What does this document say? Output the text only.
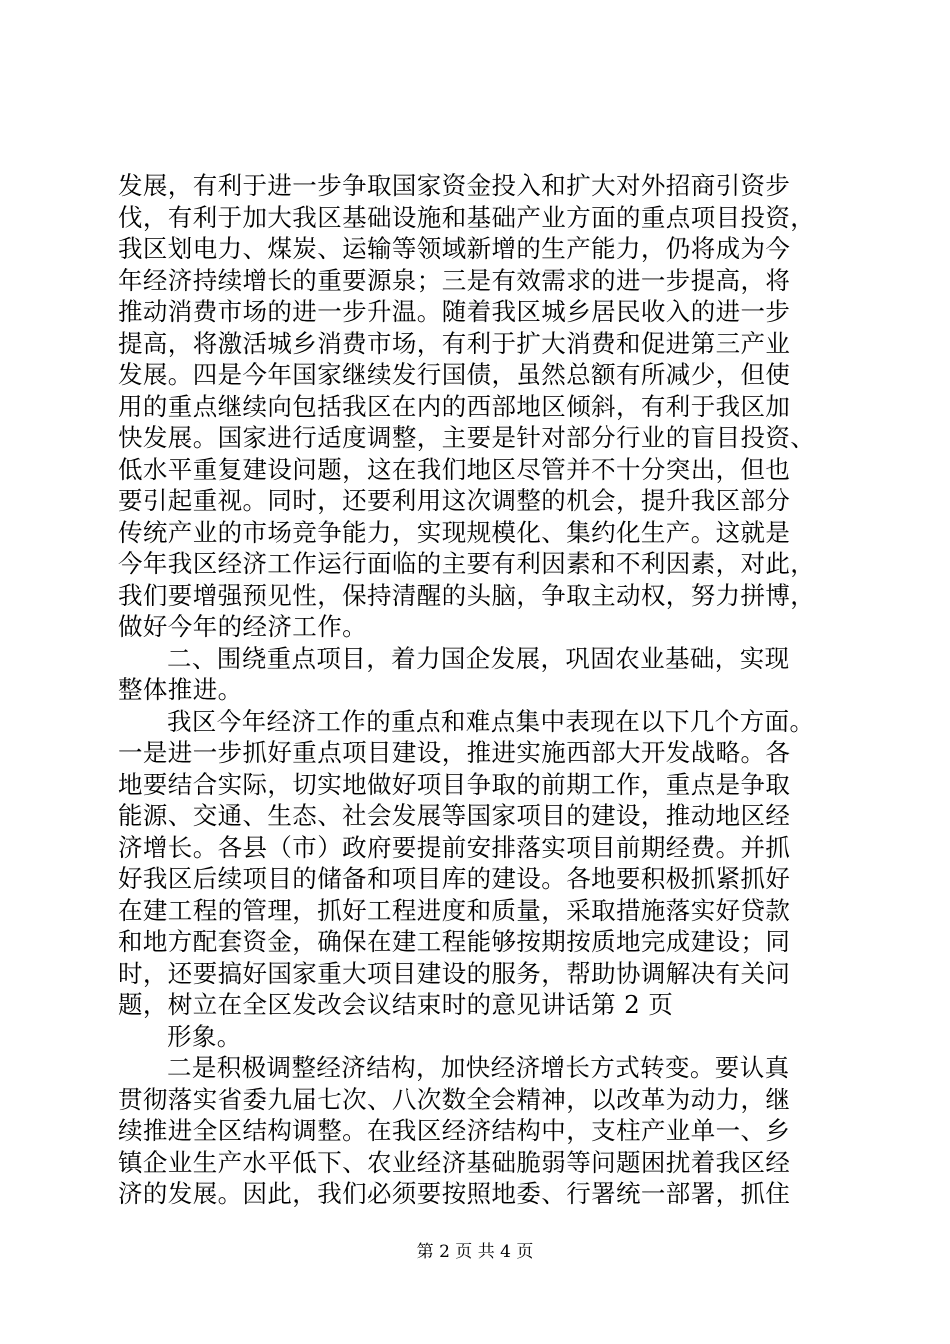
发展，有利于进一步争取国家资金投入和扩大对外招商引资步
伐，有利于加大我区基础设施和基础产业方面的重点项目投资，
我区划电力、煤炭、运输等领域新增的生产能力，仍将成为今
年经济持续增长的重要源泉；三是有效需求的进一步提高，将
推动消费市场的进一步升温。随着我区城乡居民收入的进一步
提高，将激活城乡消费市场，有利于扩大消费和促进第三产业
发展。四是今年国家继续发行国债，虽然总额有所减少，但使
用的重点继续向包括我区在内的西部地区倾斜，有利于我区加
快发展。国家进行适度调整，主要是针对部分行业的盲目投资、
低水平重复建设问题，这在我们地区尽管并不十分突出，但也
要引起重视。同时，还要利用这次调整的机会，提升我区部分
传统产业的市场竞争能力，实现规模化、集约化生产。这就是
今年我区经济工作运行面临的主要有利因素和不利因素，对此，
我们要增强预见性，保持清醒的头脑，争取主动权，努力拼博，
做好今年的经济工作。
二、围绕重点项目，着力国企发展，巩固农业基础，实现
整体推进。
我区今年经济工作的重点和难点集中表现在以下几个方面。
一是进一步抓好重点项目建设，推进实施西部大开发战略。各
地要结合实际，切实地做好项目争取的前期工作，重点是争取
能源、交通、生态、社会发展等国家项目的建设，推动地区经
济增长。各县（市）政府要提前安排落实项目前期经费。并抓
好我区后续项目的储备和项目库的建设。各地要积极抓紧抓好
在建工程的管理，抓好工程进度和质量，采取措施落实好贷款
和地方配套资金，确保在建工程能够按期按质地完成建设；同
时，还要搞好国家重大项目建设的服务，帮助协调解决有关问
题，树立在全区发改会议结束时的意见讲话第 2 页
形象。
二是积极调整经济结构，加快经济增长方式转变。要认真
贯彻落实省委九届七次、八次数全会精神，以改革为动力，继
续推进全区结构调整。在我区经济结构中，支柱产业单一、乡
镇企业生产水平低下、农业经济基础脆弱等问题困扰着我区经
济的发展。因此，我们必须要按照地委、行署统一部署，抓住
第 2 页 共 4 页
